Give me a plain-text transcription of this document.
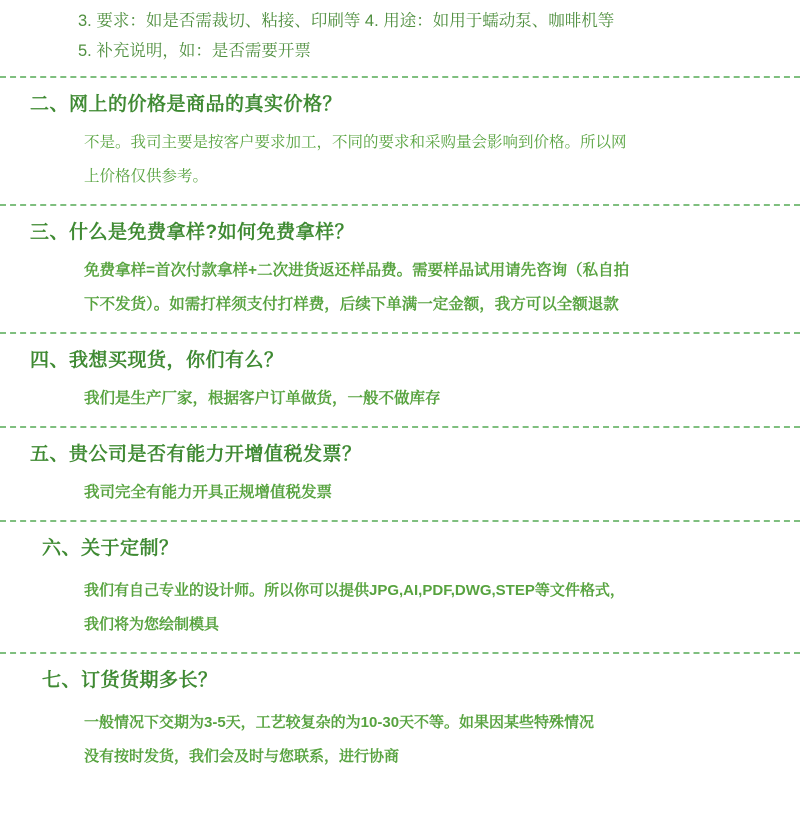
3. 要求：如是否需裁切、粘接、印刷等 4. 用途：如用于蠕动泵、咖啡机等
5. 补充说明，如：是否需要开票
二、网上的价格是商品的真实价格？
不是。我司主要是按客户要求加工，不同的要求和采购量会影响到价格。所以网
上价格仅供参考。
三、什么是免费拿样?如何免费拿样？
免费拿样=首次付款拿样+二次进货返还样品费。需要样品试用请先咨询（私自拍
下不发货）。如需打样须支付打样费，后续下单满一定金额，我方可以全额退款
四、我想买现货，你们有么？
我们是生产厂家，根据客户订单做货，一般不做库存
五、贵公司是否有能力开增值税发票？
我司完全有能力开具正规增值税发票
六、关于定制？
我们有自己专业的设计师。所以你可以提供JPG,AI,PDF,DWG,STEP等文件格式，
我们将为您绘制模具
七、订货货期多长？
一般情况下交期为3-5天，工艺较复杂的为10-30天不等。如果因某些特殊情况
没有按时发货，我们会及时与您联系，进行协商
